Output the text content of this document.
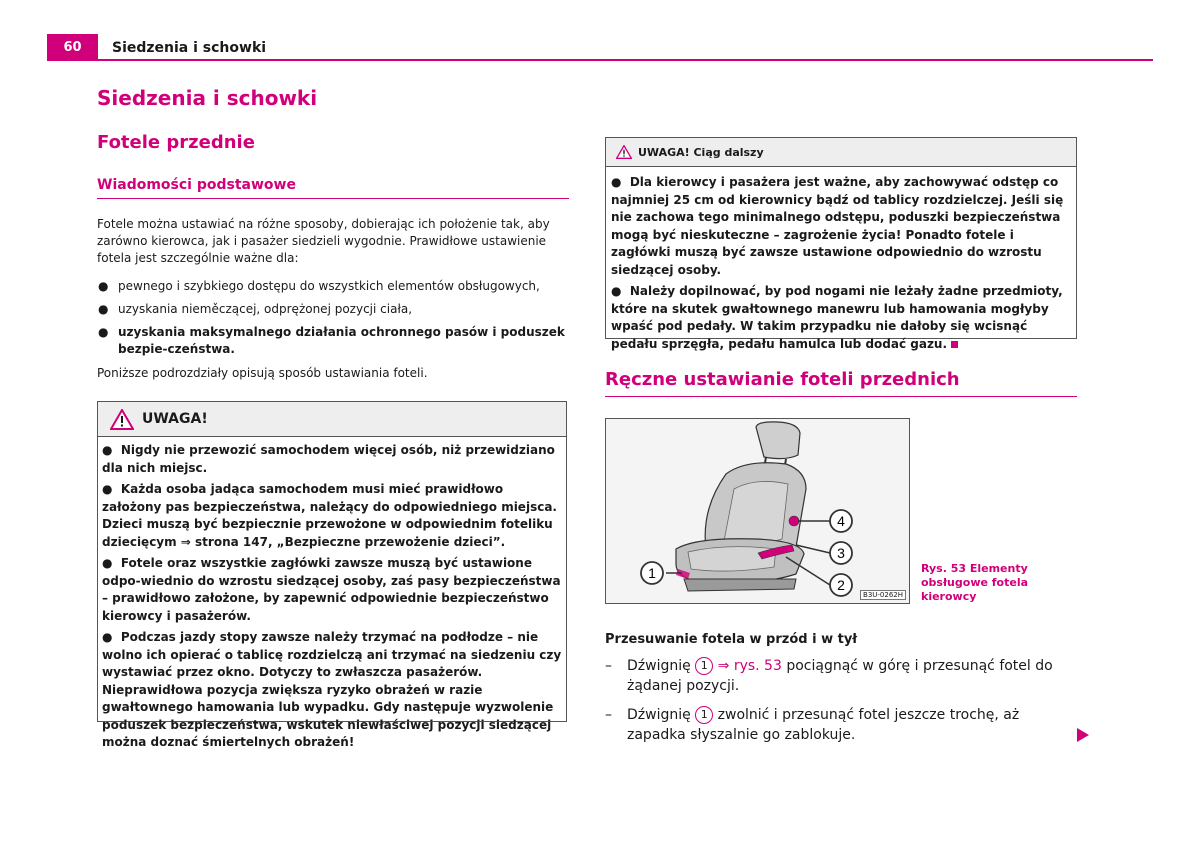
60	Siedzenia i schowki
Siedzenia i schowki
Fotele przednie
Wiadomości podstawowe

Fotele można ustawiać na różne sposoby, dobierając ich położenie tak, aby zarówno kierowca, jak i pasażer siedzieli wygodnie. Prawidłowe ustawienie fotela jest szczególnie ważne dla:

● pewnego i szybkiego dostępu do wszystkich elementów obsługowych,
● uzyskania nieměczącej, odprężonej pozycji ciała,
● uzyskania maksymalnego działania ochronnego pasów i poduszek bezpie-czeństwa.

Poniższe podrozdziały opisują sposób ustawiania foteli.

UWAGA!

● Nigdy nie przewozić samochodem więcej osób, niż przewidziano dla nich miejsc.

● Każda osoba jadąca samochodem musi mieć prawidłowo założony pas bezpieczeństwa, należący do odpowiedniego miejsca. Dzieci muszą być bezpiecznie przewożone w odpowiednim foteliku dziecięcym ⇒ strona 147, „Bezpieczne przewożenie dzieci”.

● Fotele oraz wszystkie zagłówki zawsze muszą być ustawione odpo-wiednio do wzrostu siedzącej osoby, zaś pasy bezpieczeństwa – prawidłowo założone, by zapewnić odpowiednie bezpieczeństwo kierowcy i pasażerów.

● Podczas jazdy stopy zawsze należy trzymać na podłodze – nie wolno ich opierać o tablicę rozdzielczą ani trzymać na siedzeniu czy wystawiać przez okno. Dotyczy to zwłaszcza pasażerów. Nieprawidłowa pozycja zwiększa ryzyko obrażeń w razie gwałtownego hamowania lub wypadku. Gdy następuje wyzwolenie poduszek bezpieczeństwa, wskutek niewłaściwej pozycji siedzącej można doznać śmiertelnych obrażeń!

UWAGA! Ciąg dalszy

● Dla kierowcy i pasażera jest ważne, aby zachowywać odstęp co najmniej 25 cm od kierownicy bądź od tablicy rozdzielczej. Jeśli się nie zachowa tego minimalnego odstępu, poduszki bezpieczeństwa mogą być nieskuteczne – zagrożenie życia! Ponadto fotele i zagłówki muszą być zawsze ustawione odpowiednio do wzrostu siedzącej osoby.

● Należy dopilnować, by pod nogami nie leżały żadne przedmioty, które na skutek gwałtownego manewru lub hamowania mogłyby wpaść pod pedały. W takim przypadku nie dałoby się wcisnąć pedału sprzęgła, pedału hamulca lub dodać gazu.

Ręczne ustawianie foteli przednich
1
4
3
2
B3U-0262H
Rys. 53 Elementy obsługowe fotela kierowcy
Przesuwanie fotela w przód i w tył
–	Dźwignię 1 ⇒ rys. 53 pociągnąć w górę i przesunąć fotel do żądanej pozycji.
–	Dźwignię 1 zwolnić i przesunąć fotel jeszcze trochę, aż zapadka słyszalnie go zablokuje.
